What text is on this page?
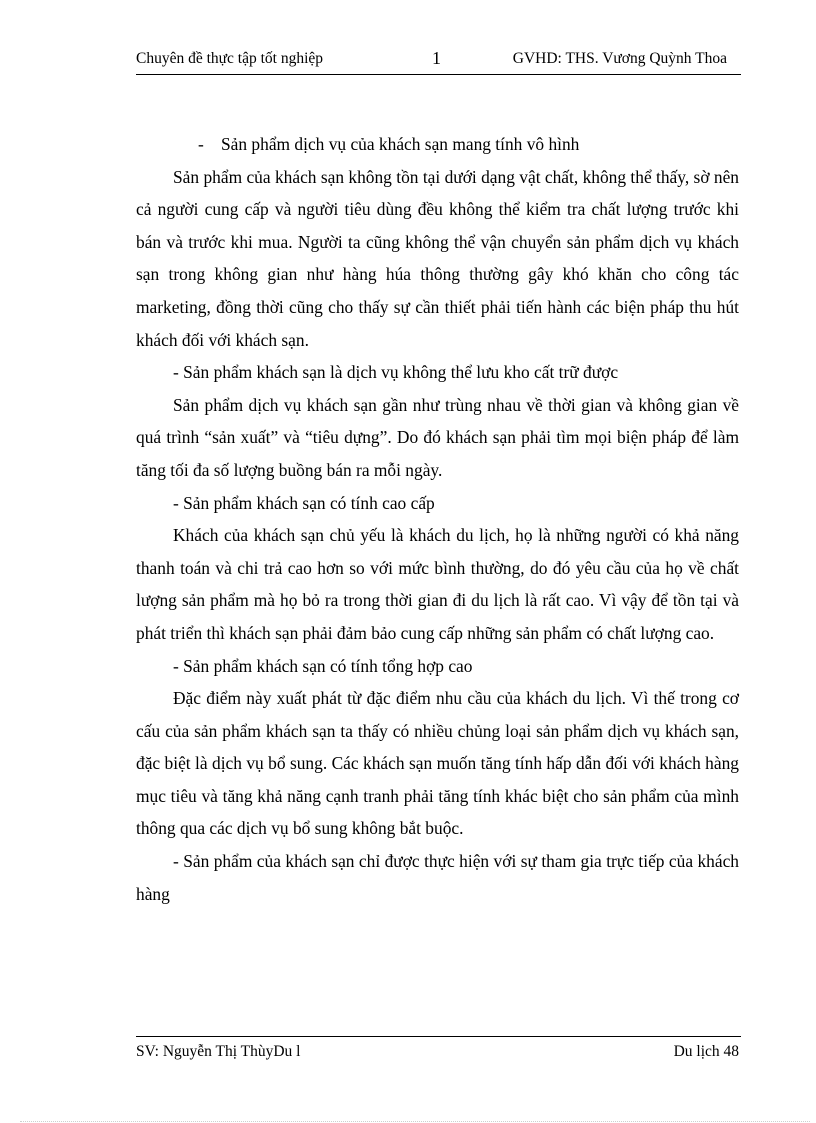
Chuyên đề thực tập tốt nghiệp	1	GVHD: THS. Vương Quỳnh Thoa

- Sản phẩm dịch vụ của khách sạn mang tính vô hình

Sản phẩm của khách sạn không tồn tại dưới dạng vật chất, không thể thấy, sờ nên cả người cung cấp và người tiêu dùng đều không thể kiểm tra chất lượng trước khi bán và trước khi mua. Người ta cũng không thể vận chuyển sản phẩm dịch vụ khách sạn trong không gian như hàng húa thông thường gây khó khăn cho công tác marketing, đồng thời cũng cho thấy sự cần thiết phải tiến hành các biện pháp thu hút khách đối với khách sạn.

- Sản phẩm khách sạn là dịch vụ không thể lưu kho cất trữ được

Sản phẩm dịch vụ khách sạn gần như trùng nhau về thời gian và không gian về quá trình “sản xuất” và “tiêu dựng”. Do đó khách sạn phải tìm mọi biện pháp để làm tăng tối đa số lượng buồng bán ra mỗi ngày.

- Sản phẩm khách sạn có tính cao cấp

Khách của khách sạn chủ yếu là khách du lịch, họ là những người có khả năng thanh toán và chi trả cao hơn so với mức bình thường, do đó yêu cầu của họ về chất lượng sản phẩm mà họ bỏ ra trong thời gian đi du lịch là rất cao. Vì vậy để tồn tại và phát triển thì khách sạn phải đảm bảo cung cấp những sản phẩm có chất lượng cao.

- Sản phẩm khách sạn có tính tổng hợp cao

Đặc điểm này xuất phát từ đặc điểm nhu cầu của khách du lịch. Vì thế trong cơ cấu của sản phẩm khách sạn ta thấy có nhiều chủng loại sản phẩm dịch vụ khách sạn, đặc biệt là dịch vụ bổ sung. Các khách sạn muốn tăng tính hấp dẫn đối với khách hàng mục tiêu và tăng khả năng cạnh tranh phải tăng tính khác biệt cho sản phẩm của mình thông qua các dịch vụ bổ sung không bắt buộc.

- Sản phẩm của khách sạn chỉ được thực hiện với sự tham gia trực tiếp của khách hàng

SV: Nguyễn Thị ThùyDu l	Du lịch 48
